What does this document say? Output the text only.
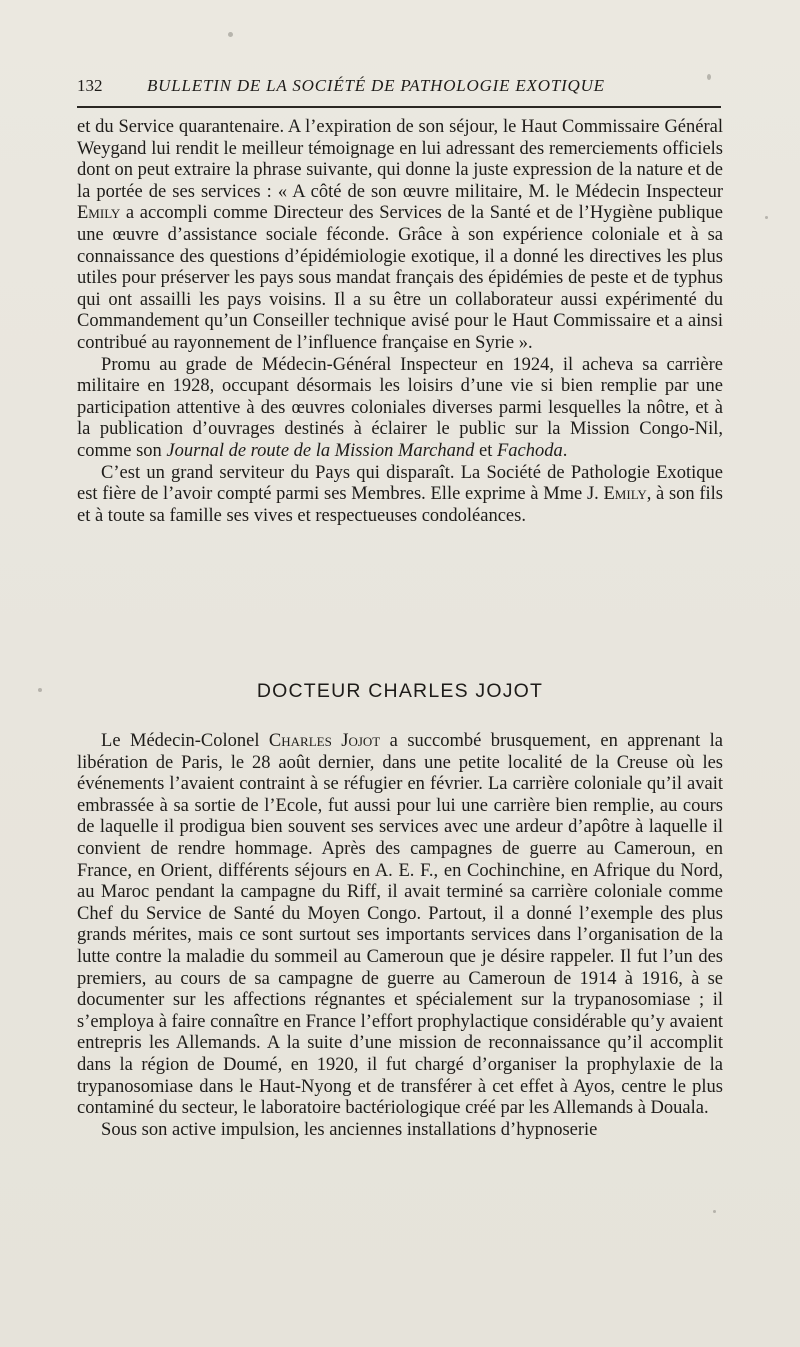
132	BULLETIN DE LA SOCIÉTÉ DE PATHOLOGIE EXOTIQUE

et du Service quarantenaire. A l’expiration de son séjour, le Haut Commissaire Général Weygand lui rendit le meilleur témoignage en lui adressant des remerciements officiels dont on peut extraire la phrase suivante, qui donne la juste expression de la nature et de la portée de ses services : « A côté de son œuvre militaire, M. le Médecin Inspecteur Emily a accompli comme Directeur des Services de la Santé et de l’Hygiène publique une œuvre d’assistance sociale féconde. Grâce à son expérience coloniale et à sa connaissance des questions d’épidémiologie exotique, il a donné les directives les plus utiles pour préserver les pays sous mandat français des épidémies de peste et de typhus qui ont assailli les pays voisins. Il a su être un collaborateur aussi expérimenté du Commandement qu’un Conseiller technique avisé pour le Haut Commissaire et a ainsi contribué au rayonnement de l’influence française en Syrie ».

Promu au grade de Médecin-Général Inspecteur en 1924, il acheva sa carrière militaire en 1928, occupant désormais les loisirs d’une vie si bien remplie par une participation attentive à des œuvres coloniales diverses parmi lesquelles la nôtre, et à la publication d’ouvrages destinés à éclairer le public sur la Mission Congo-Nil, comme son Journal de route de la Mission Marchand et Fachoda.

C’est un grand serviteur du Pays qui disparaît. La Société de Pathologie Exotique est fière de l’avoir compté parmi ses Membres. Elle exprime à Mme J. Emily, à son fils et à toute sa famille ses vives et respectueuses condoléances.

DOCTEUR CHARLES JOJOT

Le Médecin-Colonel Charles Jojot a succombé brusquement, en apprenant la libération de Paris, le 28 août dernier, dans une petite localité de la Creuse où les événements l’avaient contraint à se réfugier en février. La carrière coloniale qu’il avait embrassée à sa sortie de l’Ecole, fut aussi pour lui une carrière bien remplie, au cours de laquelle il prodigua bien souvent ses services avec une ardeur d’apôtre à laquelle il convient de rendre hommage. Après des campagnes de guerre au Cameroun, en France, en Orient, différents séjours en A. E. F., en Cochinchine, en Afrique du Nord, au Maroc pendant la campagne du Riff, il avait terminé sa carrière coloniale comme Chef du Service de Santé du Moyen Congo. Partout, il a donné l’exemple des plus grands mérites, mais ce sont surtout ses importants services dans l’organisation de la lutte contre la maladie du sommeil au Cameroun que je désire rappeler. Il fut l’un des premiers, au cours de sa campagne de guerre au Cameroun de 1914 à 1916, à se documenter sur les affections régnantes et spécialement sur la trypanosomiase ; il s’employa à faire connaître en France l’effort prophylactique considérable qu’y avaient entrepris les Allemands. A la suite d’une mission de reconnaissance qu’il accomplit dans la région de Doumé, en 1920, il fut chargé d’organiser la prophylaxie de la trypanosomiase dans le Haut-Nyong et de transférer à cet effet à Ayos, centre le plus contaminé du secteur, le laboratoire bactériologique créé par les Allemands à Douala.

Sous son active impulsion, les anciennes installations d’hypnoserie
